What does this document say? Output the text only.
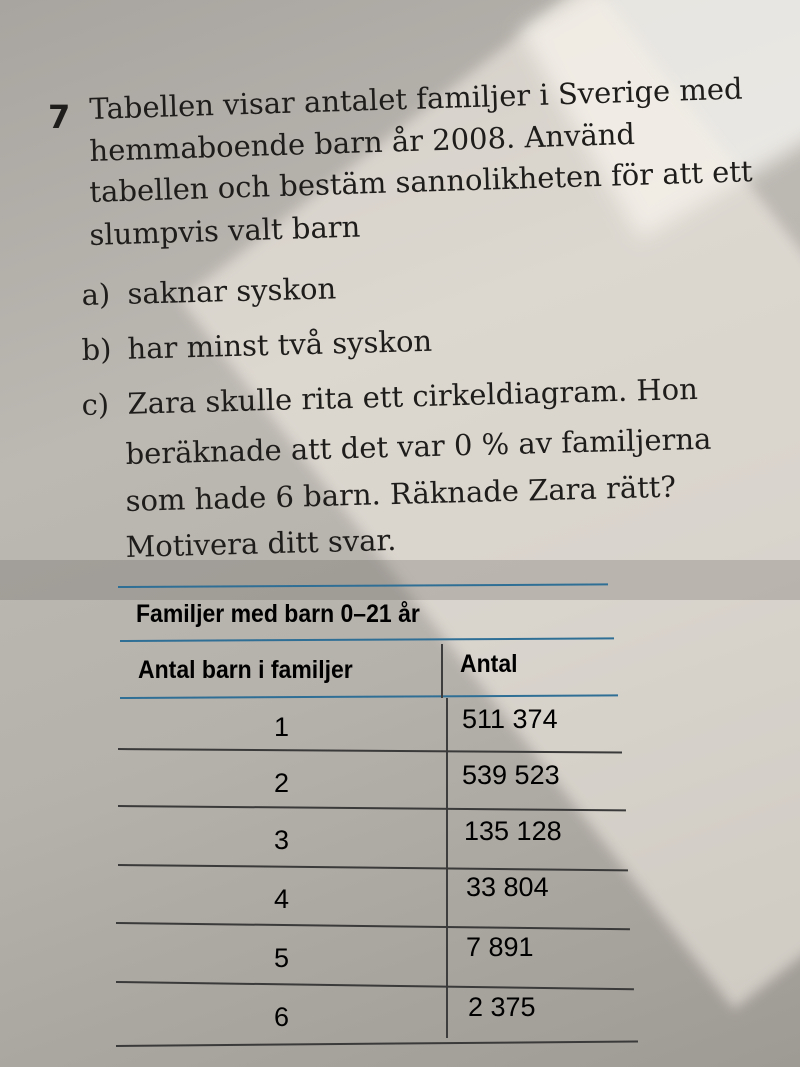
7 Tabellen visar antalet familjer i Sverige med
hemmaboende barn år 2008. Använd
tabellen och bestäm sannolikheten för att ett
slumpvis valt barn
a) saknar syskon
b) har minst två syskon
c) Zara skulle rita ett cirkeldiagram. Hon
beräknade att det var 0 % av familjerna
som hade 6 barn. Räknade Zara rätt?
Motivera ditt svar.
Familjer med barn 0–21 år
Antal barn i familjer	Antal
1	511 374
2	539 523
3	135 128
4	33 804
5	7 891
6	2 375
